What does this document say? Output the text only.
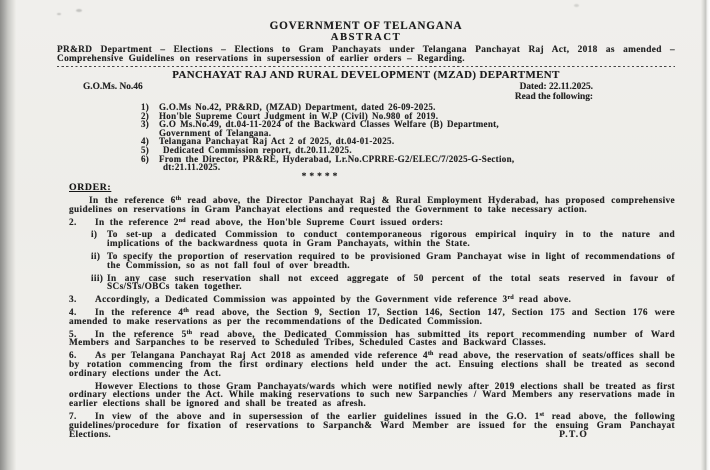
GOVERNMENT OF TELANGANA
ABSTRACT

PR&RD Department – Elections – Elections to Gram Panchayats under Telangana Panchayat Raj Act, 2018 as amended – Comprehensive Guidelines on reservations in supersession of earlier orders – Regarding.

PANCHAYAT RAJ AND RURAL DEVELOPMENT (MZAD) DEPARTMENT
G.O.Ms. No.46	Dated: 22.11.2025.
Read the following:
1)	G.O.Ms No.42, PR&RD, (MZAD) Department, dated 26-09-2025.
2)	Hon'ble Supreme Court Judgment in W.P (Civil) No.980 of 2019.
3)	G.O Ms.No.49, dt.04-11-2024 of the Backward Classes Welfare (B) Department, Government of Telangana.
4)	Telangana Panchayat Raj Act 2 of 2025, dt.04-01-2025.
5)	Dedicated Commission report, dt.20.11.2025.
6)	From the Director, PR&RE, Hyderabad, Lr.No.CPRRE-G2/ELEC/7/2025-G-Section,  dt:21.11.2025.
*****
ORDER:

In the reference 6th read above, the Director Panchayat Raj & Rural Employment Hyderabad, has proposed comprehensive guidelines on reservations in Gram Panchayat elections and requested the Government to take necessary action.

2. In the reference 2nd read above, the Hon'ble Supreme Court issued orders:

i)	To set-up a dedicated Commission to conduct contemporaneous rigorous empirical inquiry in to the nature and implications of the backwardness quota in Gram Panchayats, within the State.
ii) To specify the proportion of reservation required to be provisioned Gram Panchayat wise in light of recommendations of the Commission, so as not fall foul of over breadth.
iii) In any case such reservation shall not exceed aggregate of 50 percent of the total seats reserved in favour of SCs/STs/OBCs taken together.

3. Accordingly, a Dedicated Commission was appointed by the Government vide reference 3rd read above.

4. In the reference 4th read above, the Section 9, Section 17, Section 146, Section 147, Section 175 and Section 176 were amended to make reservations as per the recommendations of the Dedicated Commission.

5. In the reference 5th read above, the Dedicated Commission has submitted its report recommending number of Ward Members and Sarpanches to be reserved to Scheduled Tribes, Scheduled Castes and Backward Classes.

6. As per Telangana Panchayat Raj Act 2018 as amended vide reference 4th read above, the reservation of seats/offices shall be by rotation commencing from the first ordinary elections held under the act. Ensuing elections shall be treated as second ordinary elections under the Act.

However Elections to those Gram Panchayats/wards which were notified newly after 2019 elections shall be treated as first ordinary elections under the Act. While making reservations to such new Sarpanches / Ward Members any reservations made in earlier elections shall be ignored and shall be treated as afresh.

7. In view of the above and in supersession of the earlier guidelines issued in the G.O. 1st read above, the following guidelines/procedure for fixation of reservations to Sarpanch& Ward Member are issued for the ensuing Gram Panchayat Elections.	P.T.O
